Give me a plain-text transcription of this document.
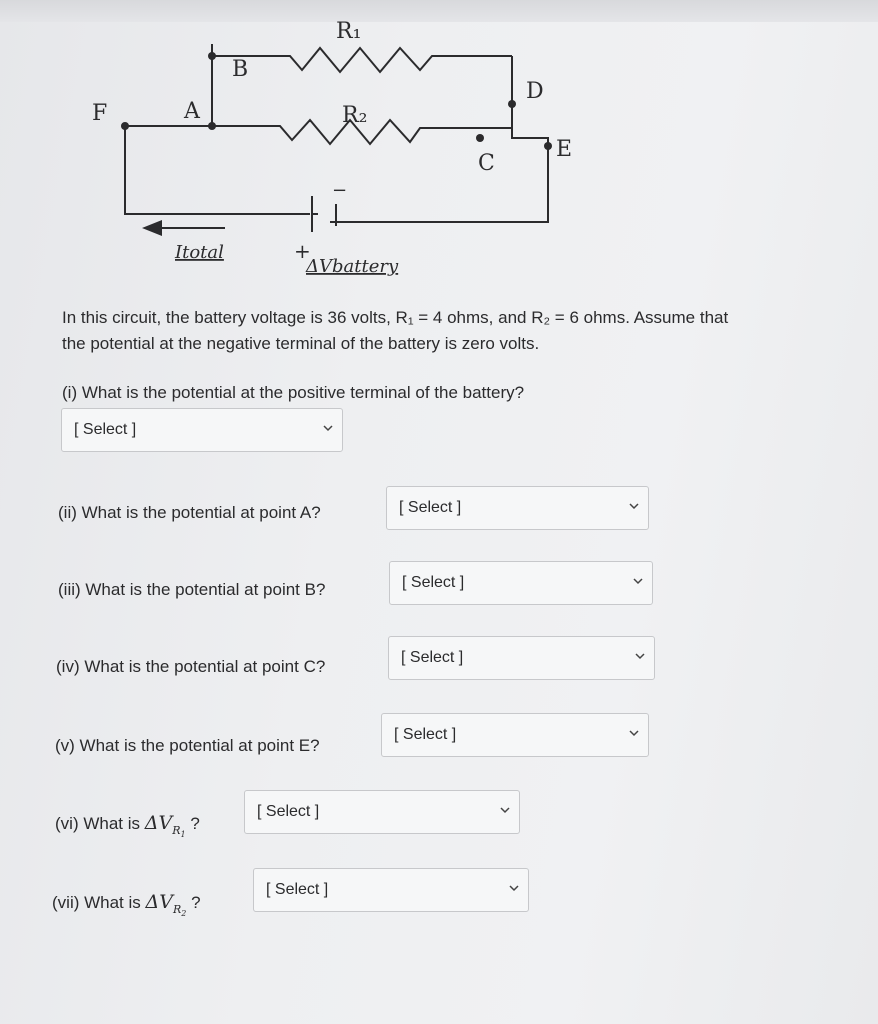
R₁
B
D
F	A	R₂
E
C
+
−
Itotal
ΔVbattery
In this circuit, the battery voltage is 36 volts, R₁ = 4 ohms, and R₂ = 6 ohms. Assume that
the potential at the negative terminal of the battery is zero volts.
(i) What is the potential at the positive terminal of the battery?
[ Select ]
(ii) What is the potential at point A?	[ Select ]
(iii) What is the potential at point B?	[ Select ]
(iv) What is the potential at point C?	[ Select ]
(v) What is the potential at point E?
[ Select ]
(vi) What is $\Delta V_{R_1}$ ?
[ Select ]
(vii) What is $\Delta V_{R_2}$ ?
[ Select ]
